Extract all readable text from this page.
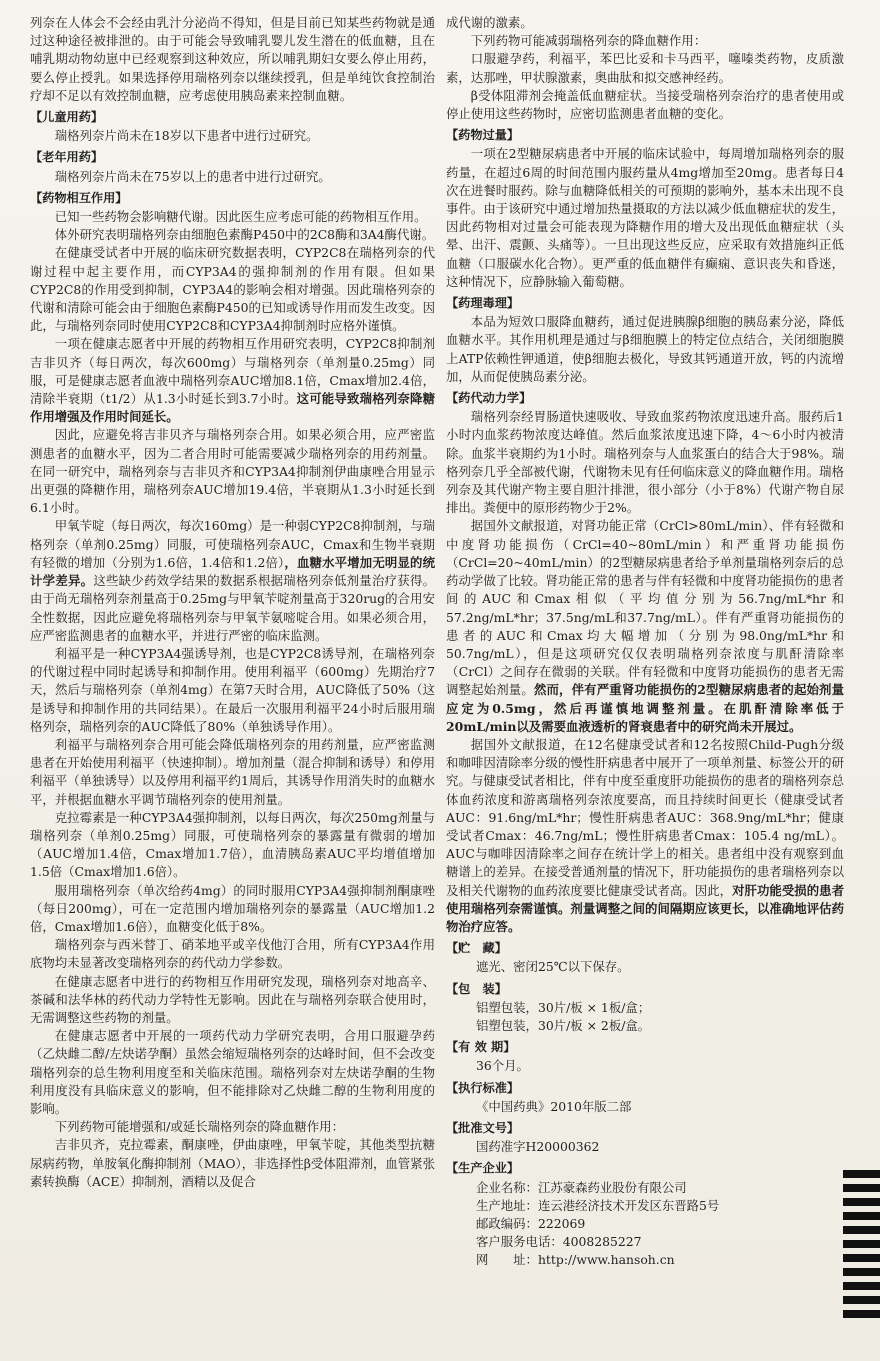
列奈在人体会不会经由乳汁分泌尚不得知，但是目前已知某些药物就是通过这种途径被排泄的。由于可能会导致哺乳婴儿发生潜在的低血糖，且在哺乳期动物幼崽中已经观察到这种效应，所以哺乳期妇女要么停止用药，要么停止授乳。如果选择停用瑞格列奈以继续授乳，但是单纯饮食控制治疗却不足以有效控制血糖，应考虑使用胰岛素来控制血糖。

【儿童用药】

瑞格列奈片尚未在18岁以下患者中进行过研究。

【老年用药】

瑞格列奈片尚未在75岁以上的患者中进行过研究。

【药物相互作用】

已知一些药物会影响糖代谢。因此医生应考虑可能的药物相互作用。

体外研究表明瑞格列奈由细胞色素酶P450中的2C8酶和3A4酶代谢。

在健康受试者中开展的临床研究数据表明，CYP2C8在瑞格列奈的代谢过程中起主要作用，而CYP3A4的强抑制剂的作用有限。但如果CYP2C8的作用受到抑制，CYP3A4的影响会相对增强。因此瑞格列奈的代谢和清除可能会由于细胞色素酶P450的已知或诱导作用而发生改变。因此，与瑞格列奈同时使用CYP2C8和CYP3A4抑制剂时应格外谨慎。

一项在健康志愿者中开展的药物相互作用研究表明，CYP2C8抑制剂吉非贝齐（每日两次，每次600mg）与瑞格列奈（单剂量0.25mg）同服，可是健康志愿者血液中瑞格列奈AUC增加8.1倍，Cmax增加2.4倍，清除半衰期（t1/2）从1.3小时延长到3.7小时。这可能导致瑞格列奈降糖作用增强及作用时间延长。

因此，应避免将吉非贝齐与瑞格列奈合用。如果必须合用，应严密监测患者的血糖水平，因为二者合用时可能需要减少瑞格列奈的用药剂量。在同一研究中，瑞格列奈与吉非贝齐和CYP3A4抑制剂伊曲康唑合用显示出更强的降糖作用，瑞格列奈AUC增加19.4倍，半衰期从1.3小时延长到6.1小时。

甲氧苄啶（每日两次，每次160mg）是一种弱CYP2C8抑制剂，与瑞格列奈（单剂0.25mg）同服，可使瑞格列奈AUC，Cmax和生物半衰期有轻微的增加（分别为1.6倍，1.4倍和1.2倍），血糖水平增加无明显的统计学差异。这些缺少药效学结果的数据系根据瑞格列奈低剂量治疗获得。由于尚无瑞格列奈剂量高于0.25mg与甲氧苄啶剂量高于320rug的合用安全性数据，因此应避免将瑞格列奈与甲氧苄氨嘧啶合用。如果必须合用，应严密监测患者的血糖水平，并进行严密的临床监测。

利福平是一种CYP3A4强诱导剂，也是CYP2C8诱导剂，在瑞格列奈的代谢过程中同时起诱导和抑制作用。使用利福平（600mg）先期治疗7天，然后与瑞格列奈（单剂4mg）在第7天时合用，AUC降低了50%（这是诱导和抑制作用的共同结果）。在最后一次服用利福平24小时后服用瑞格列奈，瑞格列奈的AUC降低了80%（单独诱导作用）。

利福平与瑞格列奈合用可能会降低瑞格列奈的用药剂量，应严密监测患者在开始使用利福平（快速抑制）。增加剂量（混合抑制和诱导）和停用利福平（单独诱导）以及停用利福平约1周后，其诱导作用消失时的血糖水平，并根据血糖水平调节瑞格列奈的使用剂量。

克拉霉素是一种CYP3A4强抑制剂，以每日两次，每次250mg剂量与瑞格列奈（单剂0.25mg）同服，可使瑞格列奈的暴露量有微弱的增加（AUC增加1.4倍，Cmax增加1.7倍），血清胰岛素AUC平均增值增加1.5倍（Cmax增加1.6倍）。

服用瑞格列奈（单次给药4mg）的同时服用CYP3A4强抑制剂酮康唑（每日200mg），可在一定范围内增加瑞格列奈的暴露量（AUC增加1.2倍，Cmax增加1.6倍），血糖变化低于8%。

瑞格列奈与西米替丁、硝苯地平或辛伐他汀合用，所有CYP3A4作用底物均未显著改变瑞格列奈的药代动力学参数。

在健康志愿者中进行的药物相互作用研究发现，瑞格列奈对地高辛、茶碱和法华林的药代动力学特性无影响。因此在与瑞格列奈联合使用时，无需调整这些药物的剂量。

在健康志愿者中开展的一项药代动力学研究表明，合用口服避孕药（乙炔雌二醇/左炔诺孕酮）虽然会缩短瑞格列奈的达峰时间，但不会改变瑞格列奈的总生物利用度至和关临床范围。瑞格列奈对左炔诺孕酮的生物利用度没有具临床意义的影响，但不能排除对乙炔雌二醇的生物利用度的影响。

下列药物可能增强和/或延长瑞格列奈的降血糖作用：

吉非贝齐，克拉霉素，酮康唑，伊曲康唑，甲氧苄啶，其他类型抗糖尿病药物，单胺氧化酶抑制剂（MAO），非选择性β受体阻滞剂，血管紧张素转换酶（ACE）抑制剂，酒精以及促合

成代谢的激素。

下列药物可能减弱瑞格列奈的降血糖作用：

口服避孕药，利福平，苯巴比妥和卡马西平，噻嗪类药物，皮质激素，达那唑，甲状腺激素，奥曲肽和拟交感神经药。

β受体阻滞剂会掩盖低血糖症状。当接受瑞格列奈治疗的患者使用或停止使用这些药物时，应密切监测患者血糖的变化。

【药物过量】

一项在2型糖尿病患者中开展的临床试验中，每周增加瑞格列奈的服药量，在超过6周的时间范围内服药量从4mg增加至20mg。患者每日4次在进餐时服药。除与血糖降低相关的可预期的影响外，基本未出现不良事件。由于该研究中通过增加热量摄取的方法以减少低血糖症状的发生，因此药物相对过量会可能表现为降糖作用的增大及出现低血糖症状（头晕、出汗、震颤、头痛等）。一旦出现这些反应，应采取有效措施纠正低血糖（口服碳水化合物）。更严重的低血糖伴有癫痫、意识丧失和昏迷，这种情况下，应静脉输入葡萄糖。

【药理毒理】

本品为短效口服降血糖药，通过促进胰腺β细胞的胰岛素分泌，降低血糖水平。其作用机理是通过与β细胞膜上的特定位点结合，关闭细胞膜上ATP依赖性钾通道，使β细胞去极化，导致其钙通道开放，钙的内流增加，从而促使胰岛素分泌。

【药代动力学】

瑞格列奈经胃肠道快速吸收、导致血浆药物浓度迅速升高。服药后1小时内血浆药物浓度达峰值。然后血浆浓度迅速下降，4～6小时内被清除。血浆半衰期约为1小时。瑞格列奈与人血浆蛋白的结合大于98%。瑞格列奈几乎全部被代谢，代谢物未见有任何临床意义的降血糖作用。瑞格列奈及其代谢产物主要自胆汁排泄，很小部分（小于8%）代谢产物自尿排出。粪便中的原形药物少于2%。

据国外文献报道，对肾功能正常（CrCl>80mL/min）、伴有轻微和中度肾功能损伤（CrCl=40~80mL/min）和严重肾功能损伤（CrCl=20~40mL/min）的2型糖尿病患者给予单剂量瑞格列奈后的总药动学做了比较。肾功能正常的患者与伴有轻微和中度肾功能损伤的患者间的AUC和Cmax相似（平均值分别为56.7ng/mL*hr和57.2ng/mL*hr；37.5ng/mL和37.7ng/mL）。伴有严重肾功能损伤的患者的AUC和Cmax均大幅增加（分别为98.0ng/mL*hr和50.7ng/mL），但是这项研究仅仅表明瑞格列奈浓度与肌酐清除率（CrCl）之间存在微弱的关联。伴有轻微和中度肾功能损伤的患者无需调整起始剂量。然而，伴有严重肾功能损伤的2型糖尿病患者的起始剂量应定为0.5mg，然后再谨慎地调整剂量。在肌酐清除率低于20mL/min以及需要血液透析的肾衰患者中的研究尚未开展过。

据国外文献报道，在12名健康受试者和12名按照Child-Pugh分级和咖啡因清除率分级的慢性肝病患者中展开了一项单剂量、标签公开的研究。与健康受试者相比，伴有中度至重度肝功能损伤的患者的瑞格列奈总体血药浓度和游离瑞格列奈浓度要高，而且持续时间更长（健康受试者AUC：91.6ng/mL*hr；慢性肝病患者AUC：368.9ng/mL*hr；健康受试者Cmax：46.7ng/mL；慢性肝病患者Cmax：105.4 ng/mL）。AUC与咖啡因清除率之间存在统计学上的相关。患者组中没有观察到血糖谱上的差异。在接受普通剂量的情况下，肝功能损伤的患者瑞格列奈以及相关代谢物的血药浓度要比健康受试者高。因此，对肝功能受损的患者使用瑞格列奈需谨慎。剂量调整之间的间隔期应该更长，以准确地评估药物治疗应答。

【贮　藏】

遮光、密闭25℃以下保存。

【包　装】

铝塑包装，30片/板 × 1板/盒；

铝塑包装，30片/板 × 2板/盒。

【有 效 期】

36个月。

【执行标准】

《中国药典》2010年版二部

【批准文号】

国药准字H20000362

【生产企业】

企业名称：江苏豪森药业股份有限公司

生产地址：连云港经济技术开发区东晋路5号

邮政编码：222069

客户服务电话：4008285227

网　　址：http://www.hansoh.cn
